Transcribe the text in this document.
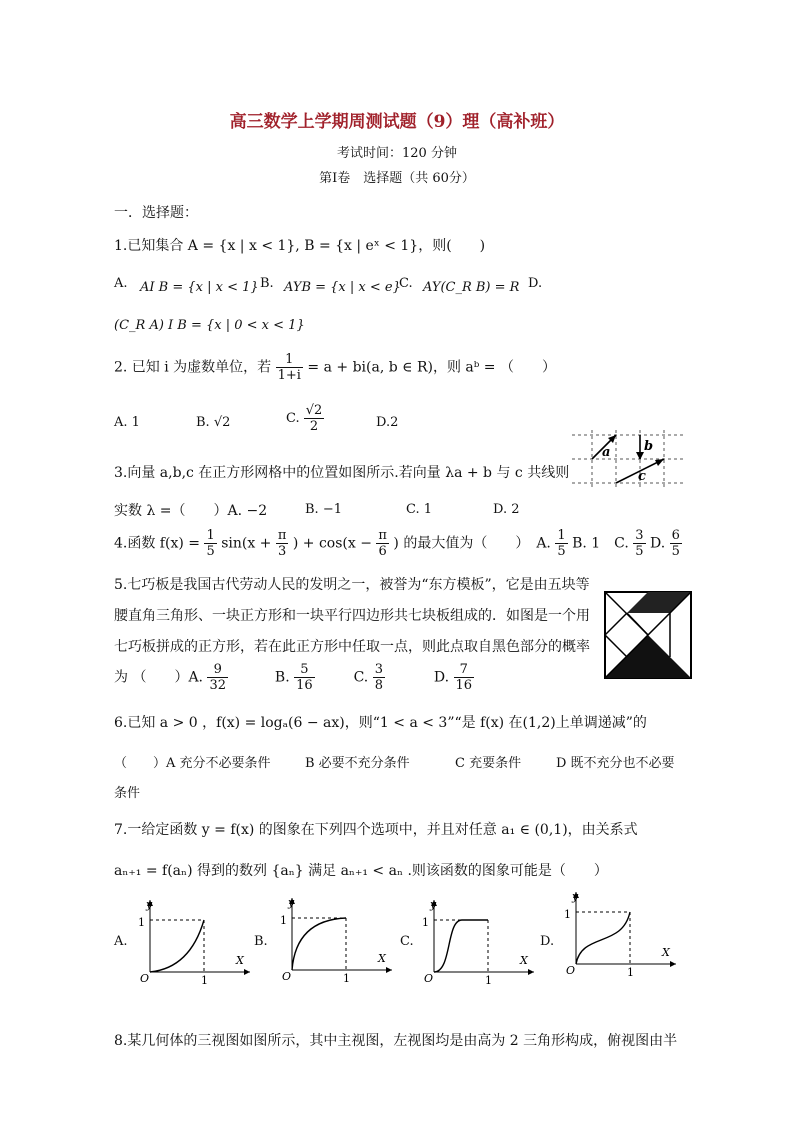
高三数学上学期周测试题（9）理（高补班）
考试时间：120 分钟
第Ⅰ卷　选择题（共 60分）
一．选择题：
1.已知集合 A = {x | x < 1}, B = {x | eˣ < 1}，则(　　)
A. AI B = {x | x < 1} B. AYB = {x | x < e}
C. AY(C_R B) = R D.
(C_R A) I B = {x | 0 < x < 1}
2. 已知 i 为虚数单位，若 $\frac{1}{1+i} = a + bi(a$, b ∈ R)，则 aᵇ = （　　）
A. 1	B. √2	C. $\frac{√2}{2}$	D.2
3.向量 a,b,c 在正方形网格中的位置如图所示.若向量 λa + b 与 c 共线则
实数 λ =（　　）A. −2	B. −1	C. 1	D. 2
a	b
c
4.函数 $f(x) = \frac{1}{5} \sin(x + \frac{\pi}{3}$ ) + $\cos(x - \frac{\pi}{6}$ ) 的最大值为（　　）　A. $\frac{1}{5} B$. 1　C. $\frac{3}{5} D$. $\frac{6}{5}$
5.七巧板是我国古代劳动人民的发明之一，被誉为“东方模板”，它是由五块等
腰直角三角形、一块正方形和一块平行四边形共七块板组成的．如图是一个用
七巧板拼成的正方形，若在此正方形中任取一点，则此点取自黑色部分的概率
为 （　　）A. $\frac{9}{32}$	B. $\frac{5}{16}$	C. $\frac{3}{8}$	D. $\frac{7}{16}$
6.已知 a > 0 ，f(x) = logₐ(6 − ax)，则“1 < a < 3”“是 f(x) 在(1,2)上单调递减”的
（　　）A 充分不必要条件	B 必要不充分条件	C 充要条件	D 既不充分也不必要
条件
7.一给定函数 y = f(x) 的图象在下列四个选项中，并且对任意 a₁ ∈ (0,1)，由关系式
aₙ₊₁ = f(aₙ) 得到的数列 {aₙ} 满足 aₙ₊₁ < aₙ .则该函数的图象可能是（　　）
A.
y
X
1
O	1
B.
y
X
1
O	1
C.
y
X
1
O	1
D.
y
X
1
O	1
8.某几何体的三视图如图所示，其中主视图，左视图均是由高为 2 三角形构成，俯视图由半
